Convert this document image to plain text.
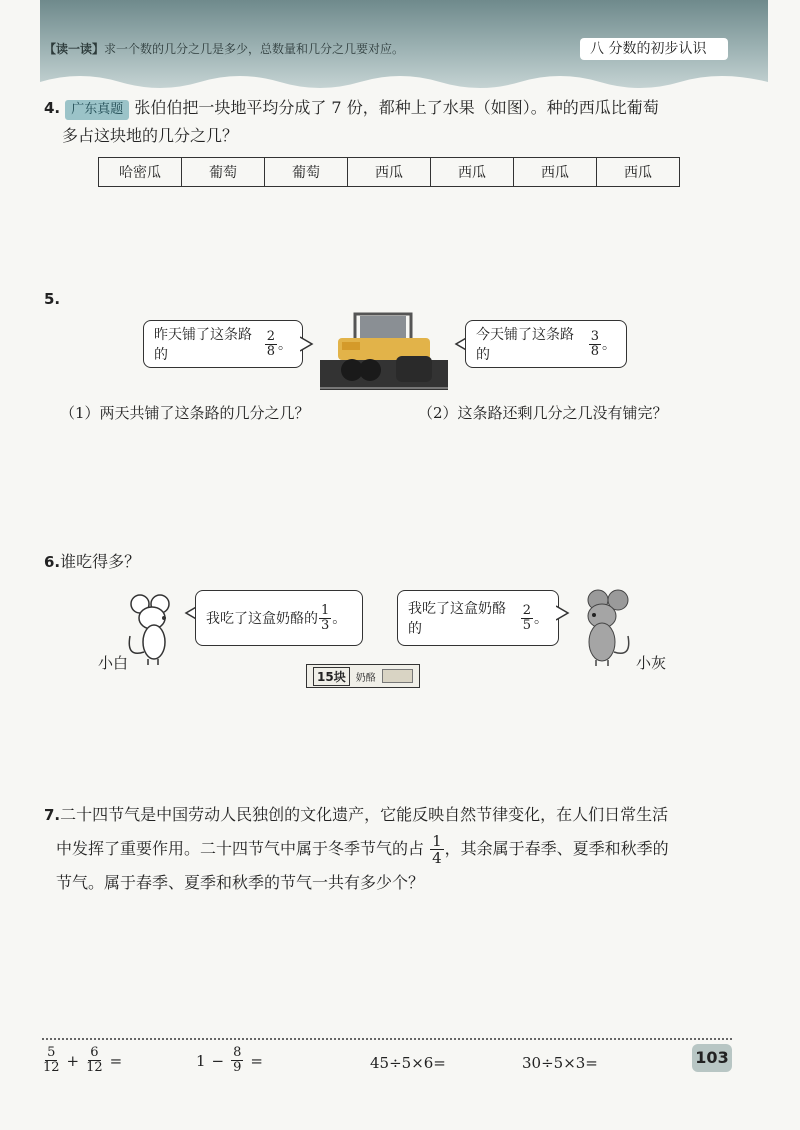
【读一读】求一个数的几分之几是多少，总数量和几分之几要对应。	八 分数的初步认识
4. 广东真题 张伯伯把一块地平均分成了 7 份，都种上了水果（如图）。种的西瓜比葡萄
多占这块地的几分之几？
哈密瓜	葡萄	葡萄	西瓜	西瓜	西瓜	西瓜
5.
昨天铺了这条路的	$\frac{2}{8}$ 。
今天铺了这条路的	$\frac{3}{8}$ 。
（1）两天共铺了这条路的几分之几？	（2）这条路还剩几分之几没有铺完？
6.谁吃得多？
小白
我吃了这盒奶酪的 $\frac{1}{3}$ 。
我吃了这盒奶酪的	$\frac{2}{5}$ 。
小灰
15块	奶酪
7.二十四节气是中国劳动人民独创的文化遗产，它能反映自然节律变化，在人们日常生活
中发挥了重要作用。二十四节气中属于冬季节气的占 $\frac{1}{4}$ ，其余属于春季、夏季和秋季的
节气。属于春季、夏季和秋季的节气一共有多少个？
$\frac{5}{12} + \frac{6}{12}$ =	$1 - \frac{8}{9}$ =	45÷5×6=	30÷5×3=	103
